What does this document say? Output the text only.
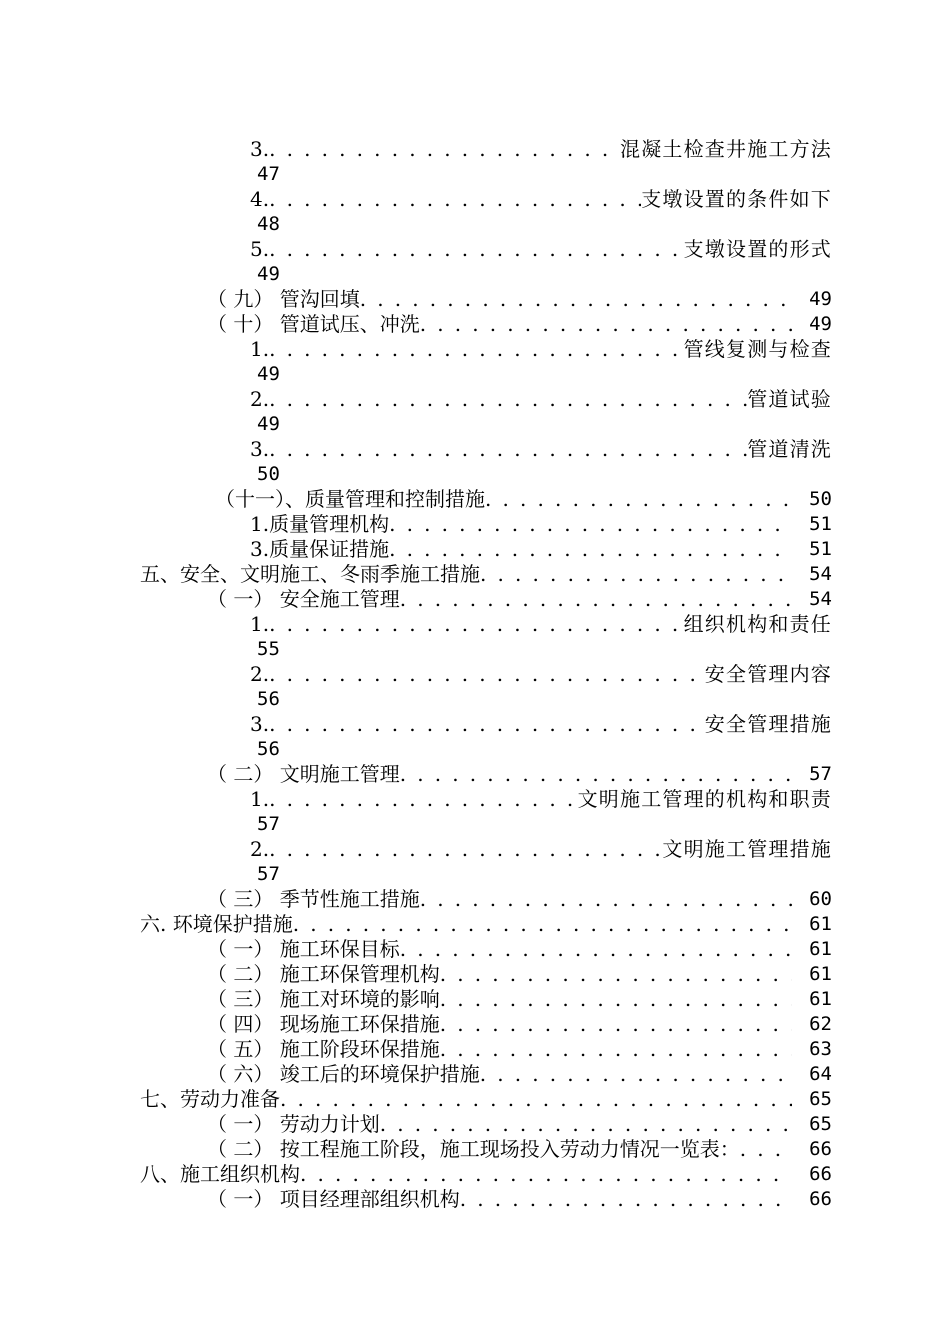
3. . . .	混凝土检查井施工方法
47
4. . . .	支墩设置的条件如下
48
5. . . .	支墩设置的形式
49
（ 九） 管沟回填 . . .	49
（ 十） 管道试压、冲洗 . . .	49
1. . . .	管线复测与检查
49
2. . . .	管道试验
49
3. . . .	管道清洗
50
（十一）、质量管理和控制措施 . . .	50
1.质量管理机构 . . .	51
3.质量保证措施 . . .	51
五、安全、文明施工、冬雨季施工措施 . . .	54
（ 一） 安全施工管理 . . .	54
1. . . .	组织机构和责任
55
2. . . .	安全管理内容
56
3. . . .	安全管理措施
56
（ 二） 文明施工管理 . . .	57
1. . . .	文明施工管理的机构和职责
57
2. . . .	文明施工管理措施
57
（ 三） 季节性施工措施 . . .	60
六. 环境保护措施 . . .	61
（ 一） 施工环保目标 . . .	61
（ 二） 施工环保管理机构 . . .	61
（ 三） 施工对环境的影响 . . .	61
（ 四） 现场施工环保措施 . . .	62
（ 五） 施工阶段环保措施 . . .	63
（ 六） 竣工后的环境保护措施 . . .	64
七、劳动力准备 . . .	65
（ 一） 劳动力计划 . . .	65
（ 二） 按工程施工阶段，施工现场投入劳动力情况一览表： . . .	66
八、施工组织机构 . . .	66
（ 一） 项目经理部组织机构 . . .	66
